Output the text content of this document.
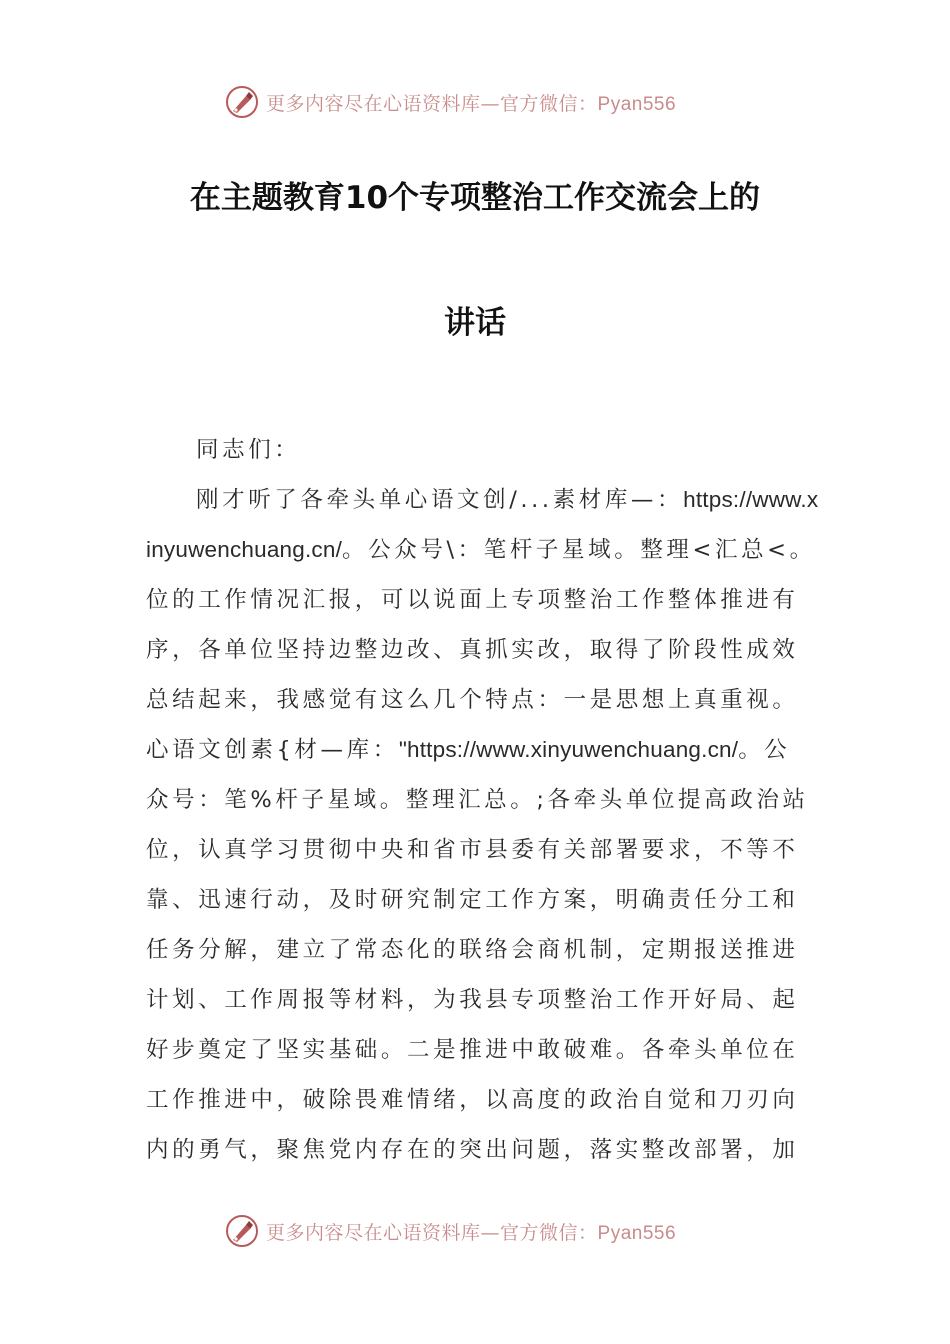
更多内容尽在心语资料库—官方微信：Pyan556
在主题教育10个专项整治工作交流会上的
讲话
同志们：
刚才听了各牵头单心语文创/...素材库—：https://www.x
inyuwenchuang.cn/。公众号\：笔杆子星域。整理<汇总<。
位的工作情况汇报，可以说面上专项整治工作整体推进有
序，各单位坚持边整边改、真抓实改，取得了阶段性成效
总结起来，我感觉有这么几个特点：一是思想上真重视。
心语文创素{材—库："https://www.xinyuwenchuang.cn/。公
众号：笔%杆子星域。整理汇总。;各牵头单位提高政治站
位，认真学习贯彻中央和省市县委有关部署要求，不等不
靠、迅速行动，及时研究制定工作方案，明确责任分工和
任务分解，建立了常态化的联络会商机制，定期报送推进
计划、工作周报等材料，为我县专项整治工作开好局、起
好步奠定了坚实基础。二是推进中敢破难。各牵头单位在
工作推进中，破除畏难情绪，以高度的政治自觉和刀刃向
内的勇气，聚焦党内存在的突出问题，落实整改部署，加
更多内容尽在心语资料库—官方微信：Pyan556
